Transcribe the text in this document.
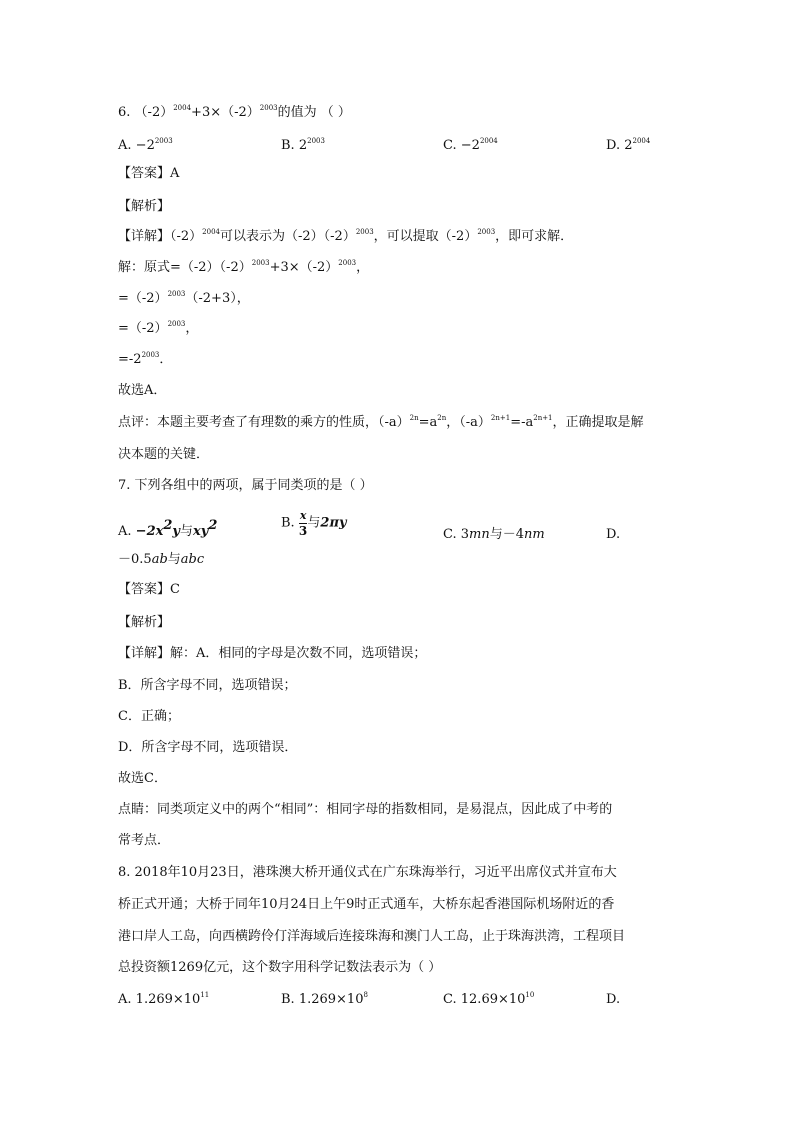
6. $(-2)^{2004}+3\times(-2)^{2003}$的值为 （ ）
A. $-2^{2003}$	B. $2^{2003}$	C. $-2^{2004}$	D. $2^{2004}$
【答案】A
【解析】
【详解】$(-2)^{2004}$可以表示为$(-2)(-2)^{2003}$，可以提取$(-2)^{2003}$，即可求解．
解：原式$=(-2)(-2)^{2003}+3\times(-2)^{2003}$，
$=(-2)^{2003}(-2+3)$，
$=(-2)^{2003}$，
$=-2^{2003}$．
故选A．
点评：本题主要考查了有理数的乘方的性质，$(-a)^{2n}=a^{2n}$，$(-a)^{2n+1}=-a^{2n+1}$，正确提取是解
决本题的关键．
7. 下列各组中的两项，属于同类项的是（ ）
A. $-2x^2y$与$xy^2$	B. $\frac{x}{3}$ 与2πy
C. 3mn与－4nm	D.
－0.5ab与abc
【答案】C
【解析】
【详解】解：A．相同的字母是次数不同，选项错误；
B．所含字母不同，选项错误；
C．正确；
D．所含字母不同，选项错误．
故选C．
点睛：同类项定义中的两个“相同”：相同字母的指数相同，是易混点，因此成了中考的
常考点．
8. 2018年10月23日，港珠澳大桥开通仪式在广东珠海举行，习近平出席仪式并宣布大
桥正式开通；大桥于同年10月24日上午9时正式通车，大桥东起香港国际机场附近的香
港口岸人工岛，向西横跨伶仃洋海域后连接珠海和澳门人工岛，止于珠海洪湾，工程项目
总投资额1269亿元，这个数字用科学记数法表示为（ ）
A. $1.269\times 10^{11}$	B. $1.269\times 10^8$	C. $12.69\times 10^{10}$	D.
